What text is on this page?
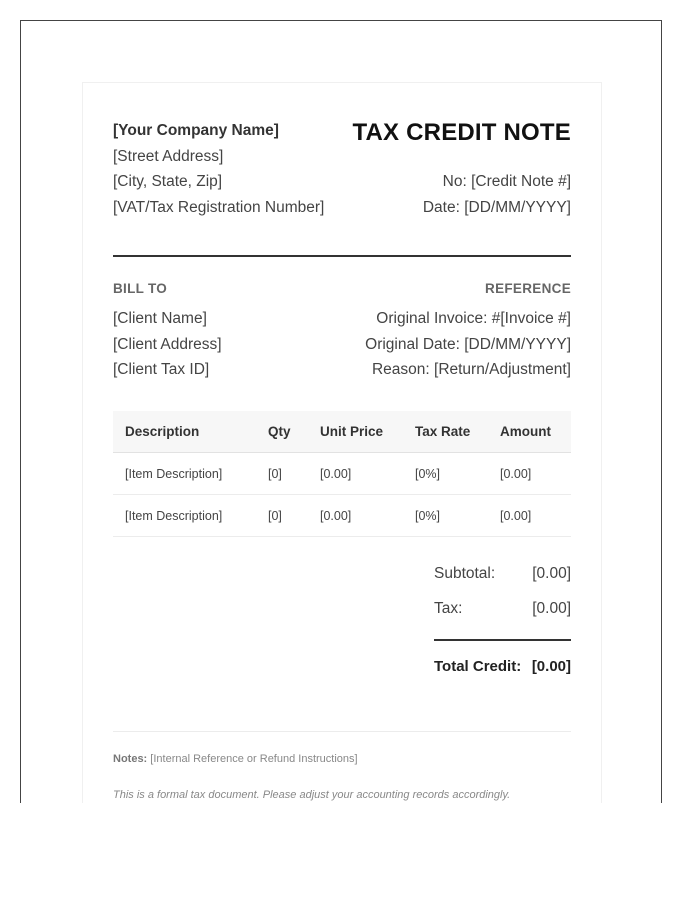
[Your Company Name]
[Street Address]
[City, State, Zip]
[VAT/Tax Registration Number]
TAX CREDIT NOTE
No: [Credit Note #]
Date: [DD/MM/YYYY]
BILL TO
[Client Name]
[Client Address]
[Client Tax ID]
REFERENCE
Original Invoice: #[Invoice #]
Original Date: [DD/MM/YYYY]
Reason: [Return/Adjustment]
Description	Qty	Unit Price	Tax Rate	Amount
[Item Description]	[0]	[0.00]	[0%]	[0.00]
[Item Description]	[0]	[0.00]	[0%]	[0.00]
Subtotal: [0.00]
Tax:	[0.00]
Total Credit: [0.00]
Notes: [Internal Reference or Refund Instructions]
This is a formal tax document. Please adjust your accounting records accordingly.
